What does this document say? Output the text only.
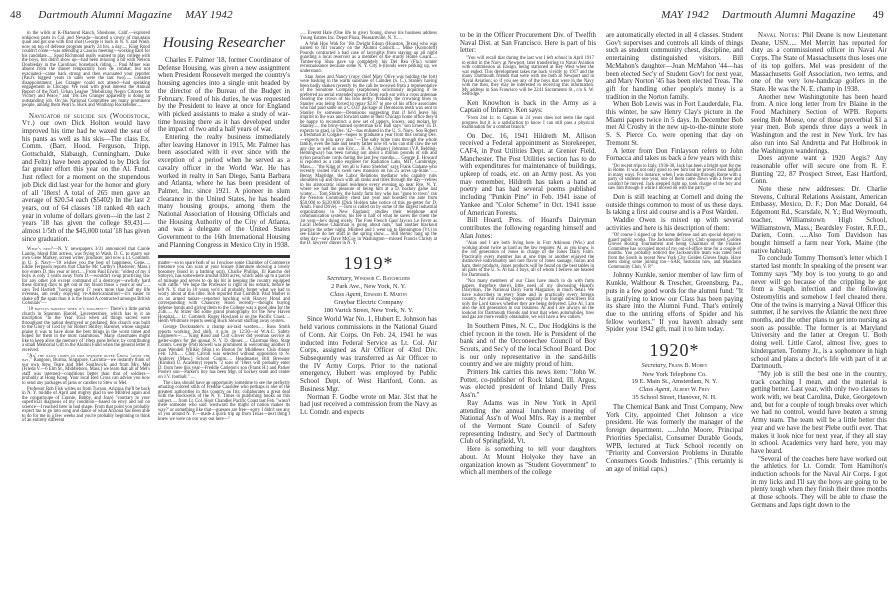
48 Dartmouth Alumni Magazine MAY 1942	MAY 1942 Dartmouth Alumni Magazine 49

in the wilds at K-Diamond Ranch, Shoshone, Calif.—explored unknown parts in Cal. and Nevada—located a covey of mountain quail and got one with first shot) George is back in N. Y. and Wash. now on top of defense program nearly 24 hrs. a day..... King Rood couldn't come—was attending a Caucus meeting—working hard for his candidate..... Spud Richmond really wanted to play college with the boys, but didn't show up—had been relaxing a bit with Nelson Doubleday in the Carolinas; horseback riding..... Paul Miner was absent from the dinner temporarily hors de combat, but not evacuated—came back strong and then evacuated your reporter (Paul's biggest years in sales were the last two)..... Greatest disappointment; Les Granger could not attend—had speaking engagement in Chicago. We read with great interest the Annual Report of the Nat'l. Urban League "Mobilizing Negro Citizens for Victory and Peace," and '18s Les Granger apparently is doing an outstanding job. On his National Committee are many prominent people, among them Pearl S. Buck and Winthrop Rockefeller.....

Navigator of suicide six (Woodstock, Vt.) our own Dick Holton would have improved his time had he waxed the seat of his pants as well as his skis—The class Ex. Comm. (Barr, Hood, Ferguson, Tripp, Gottschaldt, Slabaugh, Cunningham, Duke and Feltz) have been appealed to by Dick for far greater effort this year on the Al. Fund. Just reflect for a moment on the stupendous job Dick did last year for the honor and glory of all '18ers! A total of 265 men gave an average of $20.54 each ($5402) In the last 2 years, out of 64 classes '18 ranked 4th each year in volume of dollars given—in the last 2 years '18 has given the college $9,431—almost 1/5th of the $45,000 total '18 has given since graduation.

What's new?—N. Y. newspapers 3/31 announced that Carole Landis, blond film actress, was flying to Wash. D. C. to marry our own Gene Markey, screen writer, producer, and now a Lt. Commdr. in U. S. Navy—'18 wishes you the best of happiness, Gene..... Eddie Ferguson reports that Charlie Mc Carthy's (Andover, Mass.) boy enters D. this year or next..... From Paul Erwin: "oldest of my 4 boys is only 3 years away from D.—wouldn't swap practicing law for any other job except command of a destroyer—awfully hard these stirring days to get out of my blood those 5 years at sea"..... says Ted Hartlett "having spent 17 years more than half my life overseas, am really enjoying 're-Americanization'—it's easier to shake off the spats than it is the broad A contracted amongst British Colonials"—

'18 battles hardest when it's toughest— There's a little parish church in Staunton Harold, Leicestershire, which has in it an inscription "In the Year 1653 when all things sacred were throughout the nation destroyed or profaned, this church was built to the Glory of God by Sir Robert Shirley, Baronet, whose singular praise it was to have done the best things in the worst times and hoped for them in the most calamitous." Many classmates might like to keep alive the memory of '18ers gone before, by contributing a small Memorial Gift to the Alumni Fund when the general letter is received.

"An' the dawn comes up like thunder outer China 'crost the bay," Rangoon, Burma, Singapore, Calcutta—we instantly think of our own Stew Teare and Mel Southwick; and from Mrs. Mel (Frieda V.—6 Elm St., Middleboro, Mass.) we learn that all of Mel's staff was interned—conditions better than that of soldiers—probably at Hong Kong. Your local Red Cross can advise you how to send any packages of jams or candies to Stew or Mel.

Professor Rob Fish writes us from Tucson, Arizona (he'll be back in N. Y. middle of April and mighty glad to see Mildred again and the congatroupe of Connie, Bobby, and Joan) "contrary to your superficial diagnosis of my condition—based on envy and not on science—I reached here in bad shape. From that point you probably expect me to go into song and dance of what Arizona has been able to do for me in a few weeks and you're probably beginning to think of an entirely different

Housing Researcher

Charles F. Palmer '18, former Coordinator of Defense Housing, was given a new assignment when President Roosevelt merged the country's housing agencies into a single unit headed by the director of the Bureau of the Budget in February. Freed of his duties, he was requested by the President to leave at once for England with picked assistants to make a study of war-time housing there as it has developed under the impact of two and a half years of war.

Entering the realty business immediately after leaving Hanover in 1915, Mr. Palmer has been associated with it ever since with the exception of a period when he served as a cavalry officer in the World War. He has worked in realty in San Diego, Santa Barbara and Atlanta, where he has been president of Palmer, Inc. since 1921. A pioneer in slum clearance in the United States, he has headed many housing groups, among them the National Association of Housing Officials and the Housing Authority of the City of Atlanta, and was a delegate of the United States Government to the 16th International Housing and Planning Congress in Mexico City in 1938.

matter—so to spare both of us I enclose some Chamber of Commerce literature you can scan at your leisure (literature showing a lovely bosomey blond in a bathing suit). Charlie Phillips, El Rancho del Sotoyro, has somewhere around 8300 acres, which adds up to a parcel of mileage and serves to do his bit in keeping the country equipped with cattle." We hope the Professor is right in his remark, before he left N. Y. that in 10 years we'd all probably forget what we had to worry about at this time. Bob reported that Commdr. Paul Mather is on an armed tanker—reported lunching with Harvey Hood and corresponding with Chauncey Hood recently—thought buying defense bonds and giving them to the College was a good idea for the 25th..... Al Stizer did some grand photography for the New Haven Hospital..... Lt. Commdr. Roger Howland is on the Pacific Coast..... Herm Whitmore reports seeing Buck Stewart stuffing away oysters.

George Dockstader's a champ air-raid warden..... Russ Smith reports working 2nd shift, 4 p.m. to 12:30—at W.A.C. Safety Engineers—..... King Rood and Curt Glover did yeoman service as getter-outers for the annual N. Y. D. dinner..... Chairman Rep. State Comm. George (Pat) Rowell was prominent in welcoming another D man Wendell Willkie (Hon.) to Boston for Middlesex Club dinner Feb. 12th..... Clint Carroll was selected without opposition to N. Andover (Mass.) School Comm..... Headmaster Bill Brewster (Kimball U. Academy) reports "2 sons of '18ers will probably enter D. from here this year—Freddie Carleton's son (Frank H.) and Parker Poole's son—Parker's boy has been Mgr. of hockey team and center on J.V. football." ....

The class should have an opportunity sometime to see the perfectly amazing colored stills of Freddie Cassidee who perhaps is one of the greatest authorities in this country on Iris; collaborates a great deal with the Rockwells of the N. Y. Times in publishing books on this subject..... from Lt. Col. Hoot Chandler Pacific Coast last Feb. "wasn't there someone who said 'westward the might of nation makes its way?' or something like that—guesses are free—sorry I didn't see any of you around N. Y.—made a quick trip up from Texas—next thing I knew we were on our way out here—"

..... Everett Hale (One life to give) Young, shows his business address Young Estates Inc. Depot Plaza, Pleasantville, N. Y.....

A Wah Hoo Wah for '18s Dwight Edson (Houston, Texas) who was named to fill vacancy on the Alumni Council..... Mike (Kornoloff) Pounds contracted a bad case of laryngitis from staying up all night guarding a local reservoir as a member of the sturdy Home Guard..... Timber-top Shea gave up completely his Del Rea (Fla.) winter reconnaissance because some N. Y. City b-(l)onds were perking up, we understand.

Stan Jones and Nancy (copy chief Mary Olive was holding the fort) were basking in the warm sunshine of Camden (S. C.), Stanley having been badly shaken recently by the call he received from a representative of the Sonotone Company (earphones) solicitously inquiring if he preferred an aerial extended upward from each ear with a cross antennae clearing the crown of his Iron derby. Probably the crowning blow to Stanley was being forced to repay $2.87 to one of his office associates who had paid same on a C.O.D. package of Dennisons teeth wax sent to Stanley by someone—Dennisons suggesting that if he'd leave his imprint in the wax and forward same to their Chicago home office they'd be happy to reconstruct a new set of uppers, lowers, and molars for Stanley..... the briny-tanned oysterman Eric Ball says "son Ernest '45 D. expects to grad. in Dec. '42—has enlisted in the U. S. Navy. Son Robert a freshman at Colgate—hopes to graduate a year from this coming Dec.—expects to join navy also."—The salty brine runs through the whole family, even the hale and hearty father now 81 who can still claw the set any day as well as son Eric..... H. A. (Johnny) Johnston (V.P. Belding-Hemingway) has been turning out about 5 million pounds of silk and nylon parachute cords during the last few months..... George E. Howard is reported as a radio engineer for Radiation Labs, MIT, Cambridge, Mass..... "the King of 'em all is Fatso Sheldon" says Frank Clahane who recently visited Fat's swell new mansion on his 25 acres up-State."..... Benny Magridge, the Labor Relations mediator who capably rubs shoulders up and down with all ranks and titles through the day—retires to his aristocratic island residence every evening up near Rye, N. Y. where we had the pleasure of being him at a D. hockey game last winter..... Tom Shirley, the hardy farm boy who has "gone to town" ran the Newton Community chest last year and boosted the ante from $50,000 to $120,000 (Dick Holden take notice of this go-getter for D. Alum. Fund Drive). —Tom is called on by some of the largest industrial organizations in New England; studies their telephone and communication systems; his fee is half of what he saves the client the 1st year—he's doing nicely. The Free French Gaul Jaycox Le Fevre as Local Defense Chairman is going about nuts," had another blackout practice the other night. Mildred and I went up to Bennington (Vt.) to see Elaine do her stuff in the spring show..... Bill Remic rang up the other day—saw Dave McCoy in Washington—missed Francis Christy at the D. lawyers' dinner in N. Y.

1919*

Secretary, Windsor C. Batchelder

2 Park Ave., New York, N. Y.

Class Agent, Edward E. Martin

Graybar Electric Company

180 Varick Street, New York, N. Y.

Since World War No. 1, Hubert E. Johnson has held various commissions in the National Guard of Conn. Air Corps. On Feb. 24, 1941 he was inducted into Federal Service as Lt. Col. Air Corps, assigned as Air Officer of 43rd Div. Subsequently was transferred as Air Officer to the IV Army Corps. Prior to the national emergency, Hubert was employed by Public School Dept. of West Hartford, Conn. as Business Mgr.

Norman F. Godbe wrote on Mar. 31st that he had just received a commission from the Navy as Lt. Comdr. and expects

to be in the Officer Procurement Div. of Twelfth Naval Dist. at San Francisco. Here is part of his letter:

"You will recall that during the last war I left school in April 1917 to enlist in the Navy at Newport, later transferring to Naval Aviation with commission as Ensign, being stationed at Key West when the war ended. This development takes me back vividly to 1917 and the many Dartmouth friends that were with me both at Newport and in Naval Aviation; so if you see any of the boys that were in the Navy with me then, they may be interested in receiving this information. My address in San Francisco will be 2241 Sacramento St., c/o S. W. Selfridge."

Ken Knowlton is back in the Army as a Captain of Infantry. Ken says:

"From 2nd Lt. to Captain in 24 years does not seem like rapid progress but it is a satisfaction to know I can still pass a physical examination for a combat branch."

On Dec. 16, 1941 Hildreth M. Allison received a Federal appointment as Storekeeper, CAF4, in Post Utilities Dept. at Grenier Field, Manchester. The Post Utilities section has to do with expenditures for maintenance of buildings, upkeep of roads, etc. on an Army post. As you may remember, Hildreth has taken a hand at poetry and has had several poems published including "Punkin Pine" in Feb. 1941 issue of Yankee and "Color Scheme" in Oct. 1941 issue of American Forests.

Bill Hoard, Pres. of Hoard's Dairyman contributes the following regarding himself and Alan Jones:

"Alan and I are both living here in Fort Atkinson (Wis.) and working about twice as hard as the law requires. Al, as you know, is the 3rd generation of Jones in charge of the Jones Dairy Farm. Practically every member has at one time or another enjoyed the distinctive individuality and rare flavor of Jones sausage, bacon and ham, their products. Jones products will be found on the best tables in all parts of the U. S. Al has 3 boys, all of whom I believe are headed for Dartmouth.

"Not many members of our Class have much to do with farm papers, therefore there's little need of my discussing Hoard's Dairyman, The National Dairy Farm Magazine, in much detail. We have subscribers in every State and in practically every foreign country. Are still mailing copies regularly to foreign subscribers but only the Lord knows whether they are being delivered. Like Al, I am also the 3rd generation in our business. Al and I are always on the lookout for Dartmouth friends and trust that when automobiles, tires and gas are more readily obtainable, we will have a few callers."

In Southern Pines, N. C., Doc Hodgkins is the chief tycoon in the town. He is President of the bank and of the Occoneechee Council of Boy Scouts, and Sec'y of the local School Board. Doc is our only representative in the sand-hills country and we are mighty proud of him.

Printers Ink carries this news item: "John W. Potter, co-publisher of Rock Island, Ill. Argus, was elected president of Inland Daily Press Ass'n."

Ray Adams was in New York in April attending the annual luncheon meeting of National Ass'n of Wool Mfrs. Ray is a member of the Vermont State Council of Safety representing Industry, and Sec'y of Dartmouth Club of Springfield, Vt.

Here is something to tell your daughters about. At Mount Holyoke they have an organization known as "Student Government" to which all members of the college

are automatically elected in all 4 classes. Student Gov't supervises and controls all kinds of things such as student community chest, discipline, and entertaining distinguished visitors. Bill McMahon's daughter—Joan McMahon '44—has been elected Sec'y of Student Gov't for next year, and Mary Norton '45 has been elected Treas. The gift for handling other people's money is a tradition in the Norton family.

When Bob Lewis was in Fort Lauderdale, Fla. this winter, he saw Henry Clay's picture in the Miami papers twice in 5 days. In December Bob met Al Crosby in the new up-to-the-minute store S. S. Pierce Co. were opening that day on Tremont St.

A letter from Don Finlayson refers to John Fornacca and takes us back a few years with this:

"On recent trips to Italy, 1936-38, Jack has been a bright spot for me in Rome. It was not only good to see him but he proved most helpful in many ways. For instance, when I was dashing through Rome with a party of students one year, one of them came down with a fever and couldn't be moved. Jack stepped right up, took charge of the boy and saw him through it while I moved on with the party."

Don is still teaching at Cornell and doing the outside things common to most of us these days. Is taking a first aid course and is a Post Warden.

Waddie Owen is mixed up with several activities and here is his description of them:

"Of course I signed up for home defense and am special deputy to guard public works. The Jacksonville Lion's Club sponsored Golden Gloves Boxing Tournament and being Chairman of the Finance Committee has occupied most of my out-of-office time for a couple of months. You probably noticed the Jacksonville team was rated best from the South in recent New York City Golden Gloves finals. Have been doing some joining too—SAR, historian now, and Mandarin Community Club, V. P."

Johnny Kunkle, senior member of law firm of Kunkle, Walthour & Trescher, Greensburg, Pa., puts in a few good words for the alumni fund: "It is gratifying to know our Class has been paying its share into the Alumni Fund. That's entirely due to the untiring efforts of Spider and his fellow workers." If you haven't already sent Spider your 1942 gift, mail it to him today.

1920*

Secretary, Frank B. Morey

New York Telephone Co.

19 E. Main St., Amsterdam, N. Y.

Class Agent, Albert W. Frey

35 School Street, Hanover, N. H.

The Chemical Bank and Trust Company, New York City, appointed Chet Johnson a vice president. He was formerly the manager of the foreign department. .....John Moore, Principal Priorities Specialist, Consumer Durable Goods, WPB, lectured at Tuck School recently on "Priority and Conversion Problems in Durable Consumers Goods Industries." (This certainly is an age of initial caps.)

Naval Notes: Phil Deane is now Lieutenant Deane, USN..... Mel Merritt has reported for duty as a commissioned officer in Naval Air Corps. The State of Massachusetts thus loses one of its top golfers. Mel was president of the Massachusetts Golf Association, two terms, and one of the very low-handicap golfers in the State. He was the N. E. champ in 1938.

Another new Washingtonite has been heard from. A nice long letter from Irv Blaine in the Food Machinery Section of WPB. Reports seeing Bob Moese, one of those proverbial $1 a year men. Bob spends three days a week in Washington and the rest in New York. Irv has also run into Sal Andretta and Pat Holbrook in the Washington wanderings.

Does anyone want a 1920 Aegis? Any reasonable offer will secure one from R. F. Bunting '22, 87 Prospect Street, East Hartford, Conn.

Note these new addresses: Dr. Charlie Stevens, Cultural Relations Assistant, American Embassy, Mexico, D. F.; Don Mac Donald, 64 Edgemont Rd., Scarsdale, N. Y.; Bud Weymouth, teacher, Williamstown High School, Williamstown, Mass.; Beardsley Foster, R.F.D., Darien, Conn. .....Also Tom Davidson has bought himself a farm near York, Maine (the native habitat).

To conclude Tommy Thomson's letter which I started last month: In speaking of the present war Tommy says "My boy is too young to go and never will go because of the crippling he got from a Staph. infection and the following Osteomylitis and somehow I feel cheated there. One of the twins is marrying a Naval Officer this summer, if he survives the Atlantic the next three months, and the other plans to get into nursing as soon as possible. The former is at Maryland University and the latter at Oregon U. Both doing well. Little Carol, almost five, goes to kindergarten. Tommy Jr., is a sophomore in high school and plans a doctor's life with part of it at Dartmouth.

"My job is still the best one in the country, track coaching I mean, and the material is getting better. Last year, with only two classes to work with, we beat Carolina, Duke, Georgetown and, but for a couple of tough breaks over which we had no control, would have beaten a strong Army team. The team will be a little better this year and we have the best Plebe outfit ever. That makes it look nice for next year, if they all stay in school. Academics very hard here, you may have heard.

"Several of the coaches here have worked out the athletics for Lt. Comdr. Tom Hamilton's induction schools for the Naval Air Corps. I got in my licks and I'll say the boys are going to be plenty tough when they finish their three months at those schools. They will be able to chase the Germans and Japs right down to the
